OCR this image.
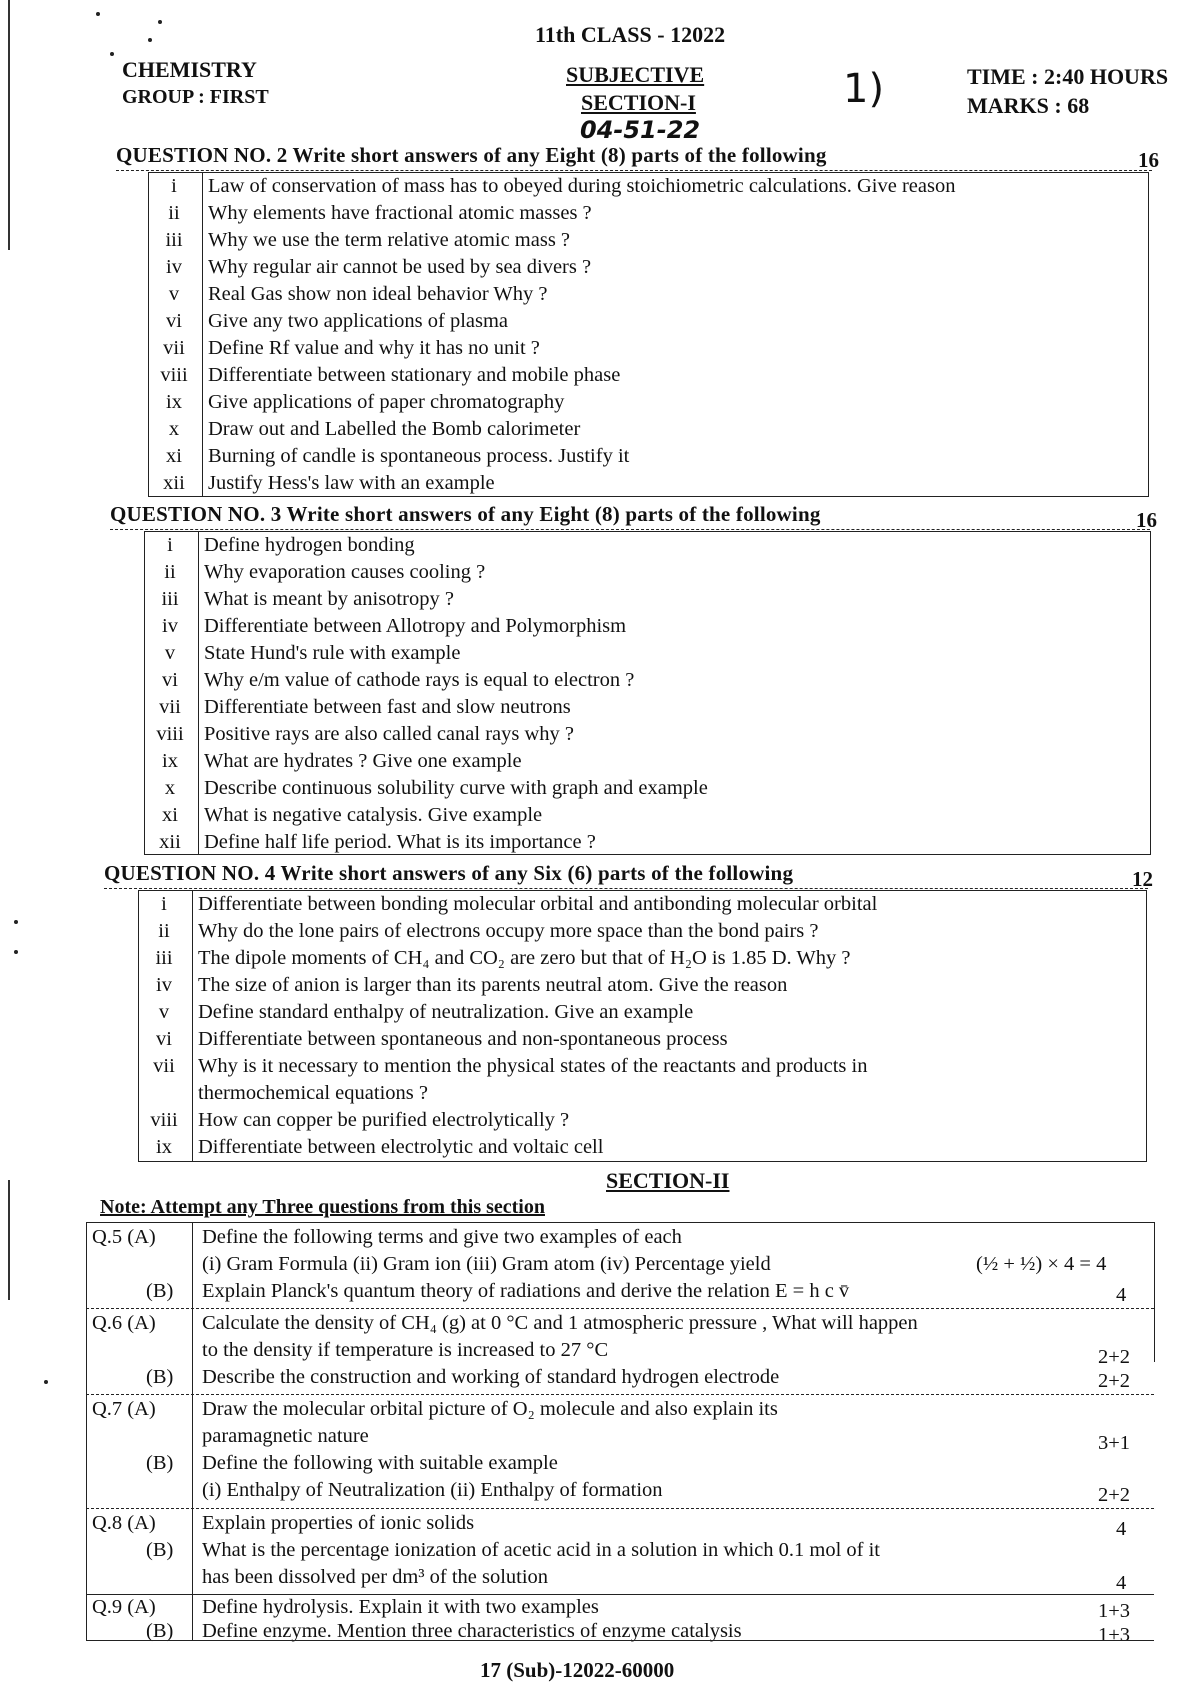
11th CLASS - 12022
CHEMISTRY
GROUP : FIRST
SUBJECTIVE
SECTION-I	1)
04-51-22
TIME : 2:40 HOURS
MARKS : 68
QUESTION NO. 2 Write short answers of any Eight (8) parts of the following	16
i	Law of conservation of mass has to obeyed during stoichiometric calculations. Give reason
ii	Why elements have fractional atomic masses ?
iii	Why we use the term relative atomic mass ?
iv	Why regular air cannot be used by sea divers ?
v	Real Gas show non ideal behavior Why ?
vi	Give any two applications of plasma
vii	Define Rf value and why it has no unit ?
viii Differentiate between stationary and mobile phase
ix	Give applications of paper chromatography
x	Draw out and Labelled the Bomb calorimeter
xi	Burning of candle is spontaneous process. Justify it
xii	Justify Hess's law with an example
QUESTION NO. 3 Write short answers of any Eight (8) parts of the following	16
i	Define hydrogen bonding
ii	Why evaporation causes cooling ?
iii	What is meant by anisotropy ?
iv	Differentiate between Allotropy and Polymorphism
v	State Hund's rule with example
vi	Why e/m value of cathode rays is equal to electron ?
vii	Differentiate between fast and slow neutrons
viii Positive rays are also called canal rays why ?
ix	What are hydrates ? Give one example
x	Describe continuous solubility curve with graph and example
xi	What is negative catalysis. Give example
xii	Define half life period. What is its importance ?
QUESTION NO. 4 Write short answers of any Six (6) parts of the following	12
i	Differentiate between bonding molecular orbital and antibonding molecular orbital
ii	Why do the lone pairs of electrons occupy more space than the bond pairs ?
iii	The dipole moments of CH₄ and CO₂ are zero but that of H₂O is 1.85 D. Why ?
iv	The size of anion is larger than its parents neutral atom. Give the reason
v	Define standard enthalpy of neutralization. Give an example
vi	Differentiate between spontaneous and non-spontaneous process
vii	Why is it necessary to mention the physical states of the reactants and products in
thermochemical equations ?
viii How can copper be purified electrolytically ?
ix	Differentiate between electrolytic and voltaic cell
SECTION-II
Note: Attempt any Three questions from this section
Q.5 (A) Define the following terms and give two examples of each
(i) Gram Formula (ii) Gram ion (iii) Gram atom (iv) Percentage yield	(½ + ½) × 4 = 4
(B) Explain Planck's quantum theory of radiations and derive the relation E = h c v̄	4
Q.6 (A) Calculate the density of CH₄ (g) at 0 °C and 1 atmospheric pressure , What will happen
to the density if temperature is increased to 27 °C	2+2
(B) Describe the construction and working of standard hydrogen electrode	2+2
Q.7 (A) Draw the molecular orbital picture of O₂ molecule and also explain its
paramagnetic nature	3+1
(B) Define the following with suitable example
(i) Enthalpy of Neutralization (ii) Enthalpy of formation	2+2
Q.8 (A) Explain properties of ionic solids	4
(B) What is the percentage ionization of acetic acid in a solution in which 0.1 mol of it
has been dissolved per dm³ of the solution	4
Q.9 (A) Define hydrolysis. Explain it with two examples	1+3
(B) Define enzyme. Mention three characteristics of enzyme catalysis	1+3
17 (Sub)-12022-60000
